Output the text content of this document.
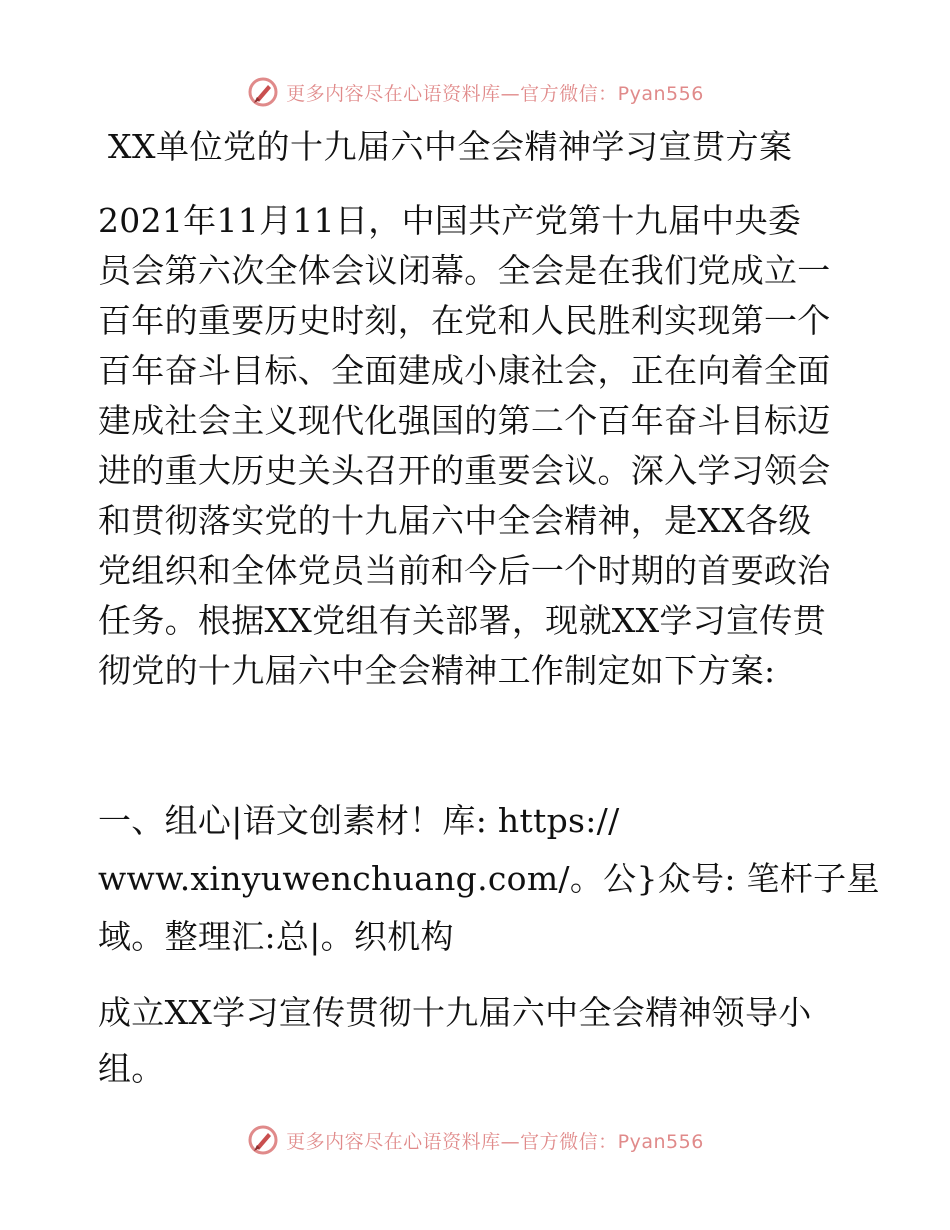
更多内容尽在心语资料库—官方微信：Pyan556
XX单位党的十九届六中全会精神学习宣贯方案
2021年11月11日，中国共产党第十九届中央委
员会第六次全体会议闭幕。全会是在我们党成立一
百年的重要历史时刻，在党和人民胜利实现第一个
百年奋斗目标、全面建成小康社会，正在向着全面
建成社会主义现代化强国的第二个百年奋斗目标迈
进的重大历史关头召开的重要会议。深入学习领会
和贯彻落实党的十九届六中全会精神，是XX各级
党组织和全体党员当前和今后一个时期的首要政治
任务。根据XX党组有关部署，现就XX学习宣传贯
彻党的十九届六中全会精神工作制定如下方案:
一、组心|语文创素材！库: https://
www.xinyuwenchuang.com/。公}众号: 笔杆子星
域。整理汇:总|。织机构
成立XX学习宣传贯彻十九届六中全会精神领导小
组。
更多内容尽在心语资料库—官方微信：Pyan556
